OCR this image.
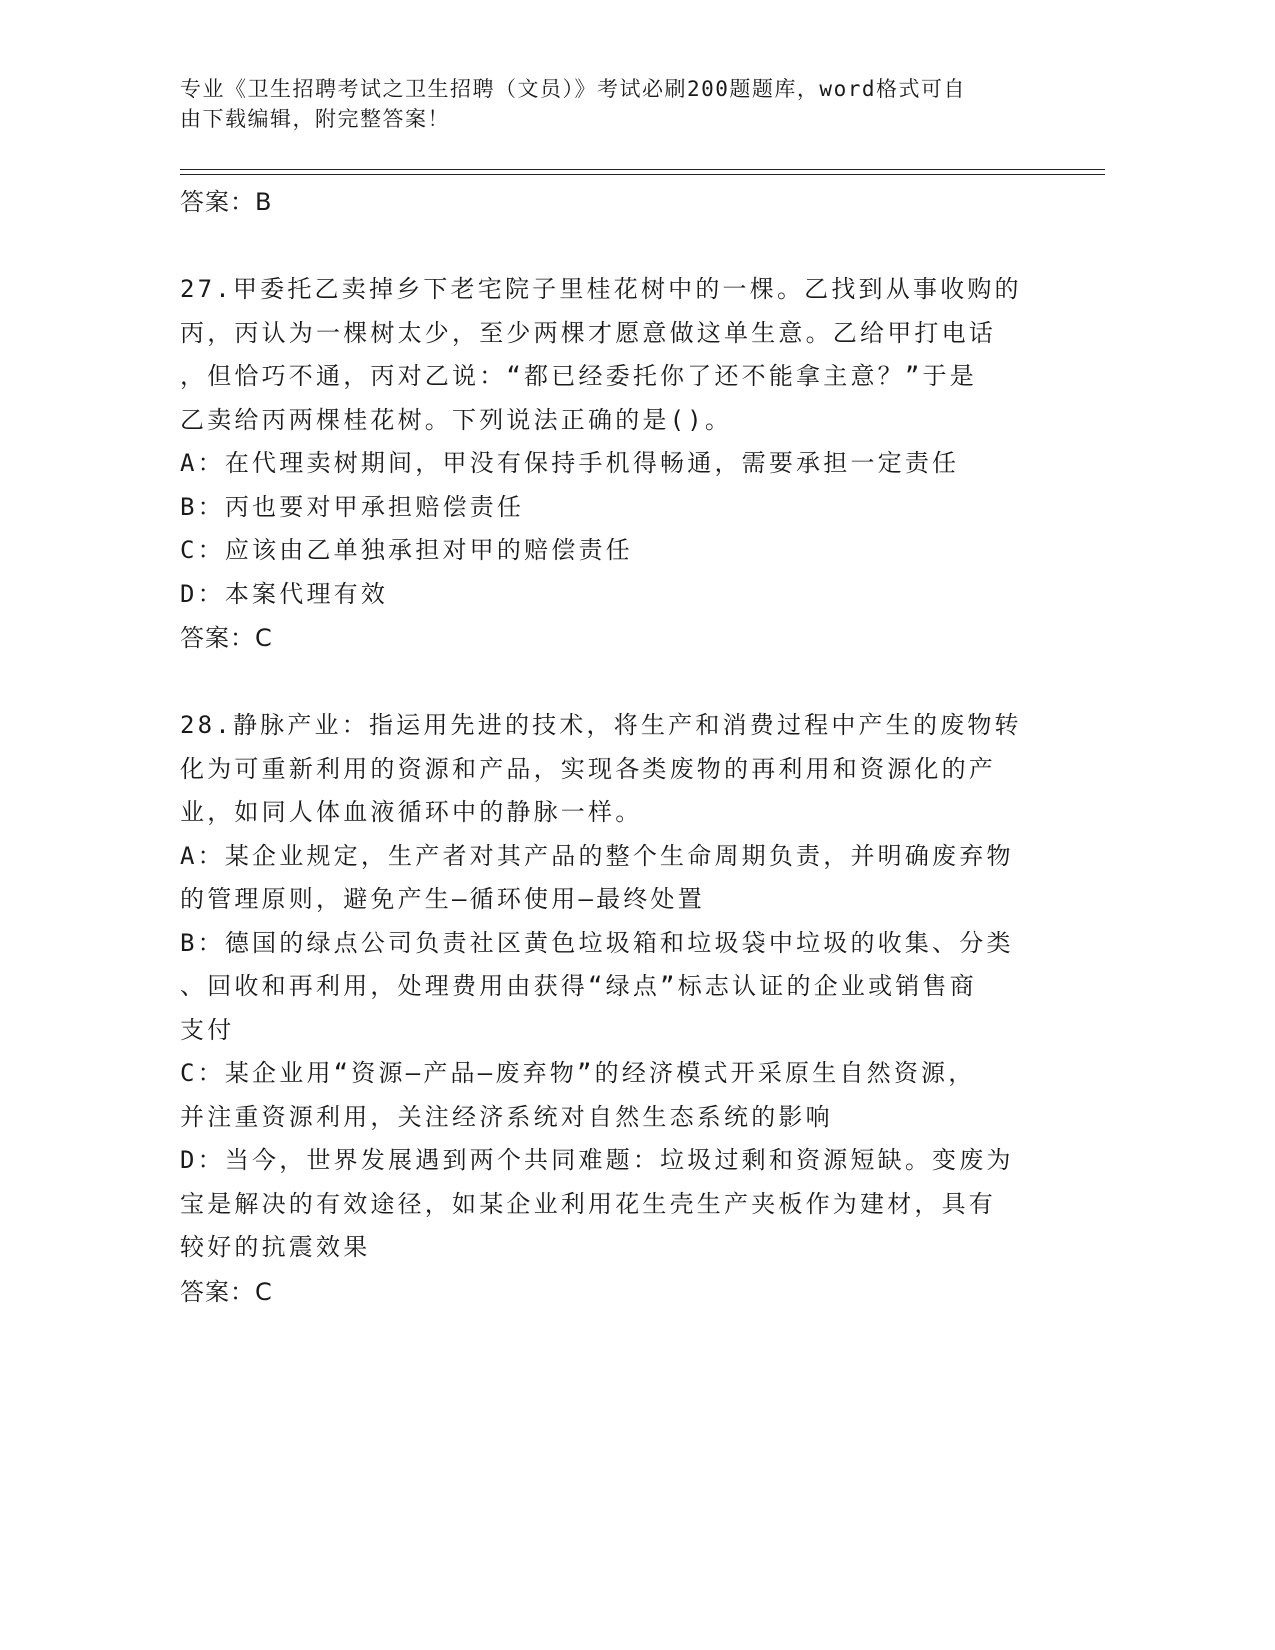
专业《卫生招聘考试之卫生招聘（文员）》考试必刷200题题库，word格式可自
由下载编辑，附完整答案！

答案：B

27.甲委托乙卖掉乡下老宅院子里桂花树中的一棵。乙找到从事收购的
丙，丙认为一棵树太少，至少两棵才愿意做这单生意。乙给甲打电话
，但恰巧不通，丙对乙说：“都已经委托你了还不能拿主意？”于是
乙卖给丙两棵桂花树。下列说法正确的是()。

A：在代理卖树期间，甲没有保持手机得畅通，需要承担一定责任

B：丙也要对甲承担赔偿责任

C：应该由乙单独承担对甲的赔偿责任

D：本案代理有效

答案：C

28.静脉产业：指运用先进的技术，将生产和消费过程中产生的废物转
化为可重新利用的资源和产品，实现各类废物的再利用和资源化的产
业，如同人体血液循环中的静脉一样。

A：某企业规定，生产者对其产品的整个生命周期负责，并明确废弃物
的管理原则，避免产生—循环使用—最终处置

B：德国的绿点公司负责社区黄色垃圾箱和垃圾袋中垃圾的收集、分类
、回收和再利用，处理费用由获得“绿点”标志认证的企业或销售商
支付

C：某企业用“资源—产品—废弃物”的经济模式开采原生自然资源，
并注重资源利用，关注经济系统对自然生态系统的影响

D：当今，世界发展遇到两个共同难题：垃圾过剩和资源短缺。变废为
宝是解决的有效途径，如某企业利用花生壳生产夹板作为建材，具有
较好的抗震效果

答案：C
